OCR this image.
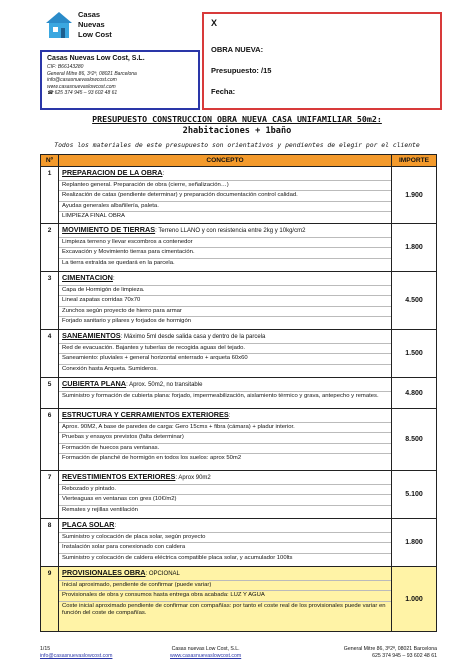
Casas
Nuevas
Low Cost
Casas Nuevas Low Cost, S.L.
CIF: B66143280
General Mitre 86, 3º2ª, 08021 Barcelona
info@casasnuevaslowcost.com
www.casasnuevaslowcost.com
☎ 625 374 945 – 93 602 48 61
X
OBRA NUEVA:
Presupuesto: /15
Fecha:
PRESUPUESTO CONSTRUCCION OBRA NUEVA CASA UNIFAMILIAR 50m2:
2habitaciones + 1baño
Todos los materiales de este presupuesto son orientativos y pendientes de elegir por el cliente
Nº	CONCEPTO	IMPORTE
1	PREPARACION DE LA OBRA:
Replanteo general. Preparación de obra (cierre, señalización…)
Realización de catas (pendiente determinar) y preparación documentación control calidad.
Ayudas generales albañilería, paleta.
LIMPIEZA FINAL OBRA	1.900
2	MOVIMIENTO DE TIERRAS: Terreno LLANO y con resistencia entre 2kg y 10kg/cm2
Limpieza terreno y llevar escombros a contenedor
Excavación y Movimiento tierras para cimentación.
La tierra extraída se quedará en la parcela.	1.800
3	CIMENTACION:
Capa de Hormigón de limpieza.
Lineal zapatas corridas 70x70
Zunchos según proyecto de hierro para armar
Forjado sanitario y pilares y forjados de hormigón	4.500
4	SANEAMIENTOS: Máximo 5ml desde salida casa y dentro de la parcela
Red de evacuación. Bajantes y tuberías de recogida aguas del tejado.
Saneamiento: pluviales + general horizontal enterrado + arqueta 60x60
Conexión hasta Arqueta. Sumideros.	1.500
5	CUBIERTA PLANA: Aprox. 50m2, no transitable
Suministro y formación de cubierta plana: forjado, impermeabilización, aislamiento térmico y grava, antepecho y remates.	4.800
6	ESTRUCTURA Y CERRAMIENTOS EXTERIORES:
Aprox. 90M2, A base de paredes de carga: Gero 15cms + fibra (cámara) + pladur interior.
Pruebas y ensayos previstos (falta determinar)
Formación de huecos para ventanas.
Formación de planché de hormigón en todos los suelos: aprox 50m2	8.500
7	REVESTIMIENTOS EXTERIORES: Aprox 90m2
Rebozado y pintado.
Vierteaguas en ventanas con gres (10€/m2)
Remates y rejillas ventilación	5.100
8	PLACA SOLAR:
Suministro y colocación de placa solar, según proyecto
Instalación solar para conexionado con caldera
Suministro y colocación de caldera eléctrica compatible placa solar, y acumulador 100lts	1.800
9	PROVISIONALES OBRA: OPCIONAL
Inicial aproximado, pendiente de confirmar (puede variar)
Provisionales de obra y consumos hasta entrega obra acabada: LUZ Y AGUA
Coste inicial aproximado pendiente de confirmar con compañías: por tanto el coste real de los provisionales puede variar en función del coste de compañías.	1.000
1/15
info@casasnuevaslowcost.com
Casas nuevas Low Cost, S.L.
www.casasnuevaslowcost.com
General Mitre 86, 3º2ª, 08021 Barcelona
625 374 945 – 93 602 48 61
